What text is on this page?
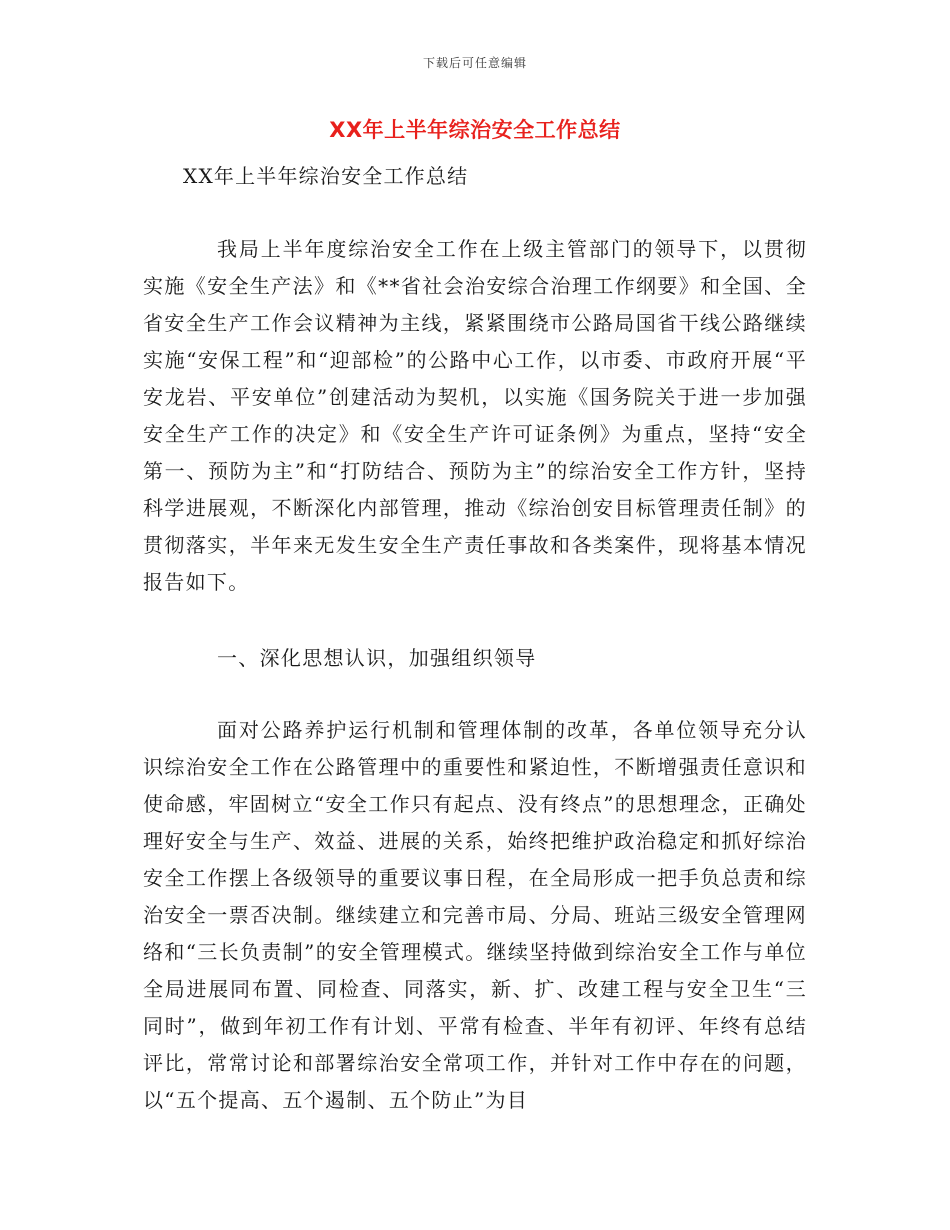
下载后可任意编辑
XX年上半年综治安全工作总结
XX年上半年综治安全工作总结

我局上半年度综治安全工作在上级主管部门的领导下，以贯彻实施《安全生产法》和《**省社会治安综合治理工作纲要》和全国、全省安全生产工作会议精神为主线，紧紧围绕市公路局国省干线公路继续实施“安保工程”和“迎部检”的公路中心工作，以市委、市政府开展“平安龙岩、平安单位”创建活动为契机，以实施《国务院关于进一步加强安全生产工作的决定》和《安全生产许可证条例》为重点，坚持“安全第一、预防为主”和“打防结合、预防为主”的综治安全工作方针，坚持科学进展观，不断深化内部管理，推动《综治创安目标管理责任制》的贯彻落实，半年来无发生安全生产责任事故和各类案件，现将基本情况报告如下。

一、深化思想认识，加强组织领导

面对公路养护运行机制和管理体制的改革，各单位领导充分认识综治安全工作在公路管理中的重要性和紧迫性，不断增强责任意识和使命感，牢固树立“安全工作只有起点、没有终点”的思想理念，正确处理好安全与生产、效益、进展的关系，始终把维护政治稳定和抓好综治安全工作摆上各级领导的重要议事日程，在全局形成一把手负总责和综治安全一票否决制。继续建立和完善市局、分局、班站三级安全管理网络和“三长负责制”的安全管理模式。继续坚持做到综治安全工作与单位全局进展同布置、同检查、同落实，新、扩、改建工程与安全卫生“三同时”，做到年初工作有计划、平常有检查、半年有初评、年终有总结评比，常常讨论和部署综治安全常项工作，并针对工作中存在的问题，以“五个提高、五个遏制、五个防止”为目
